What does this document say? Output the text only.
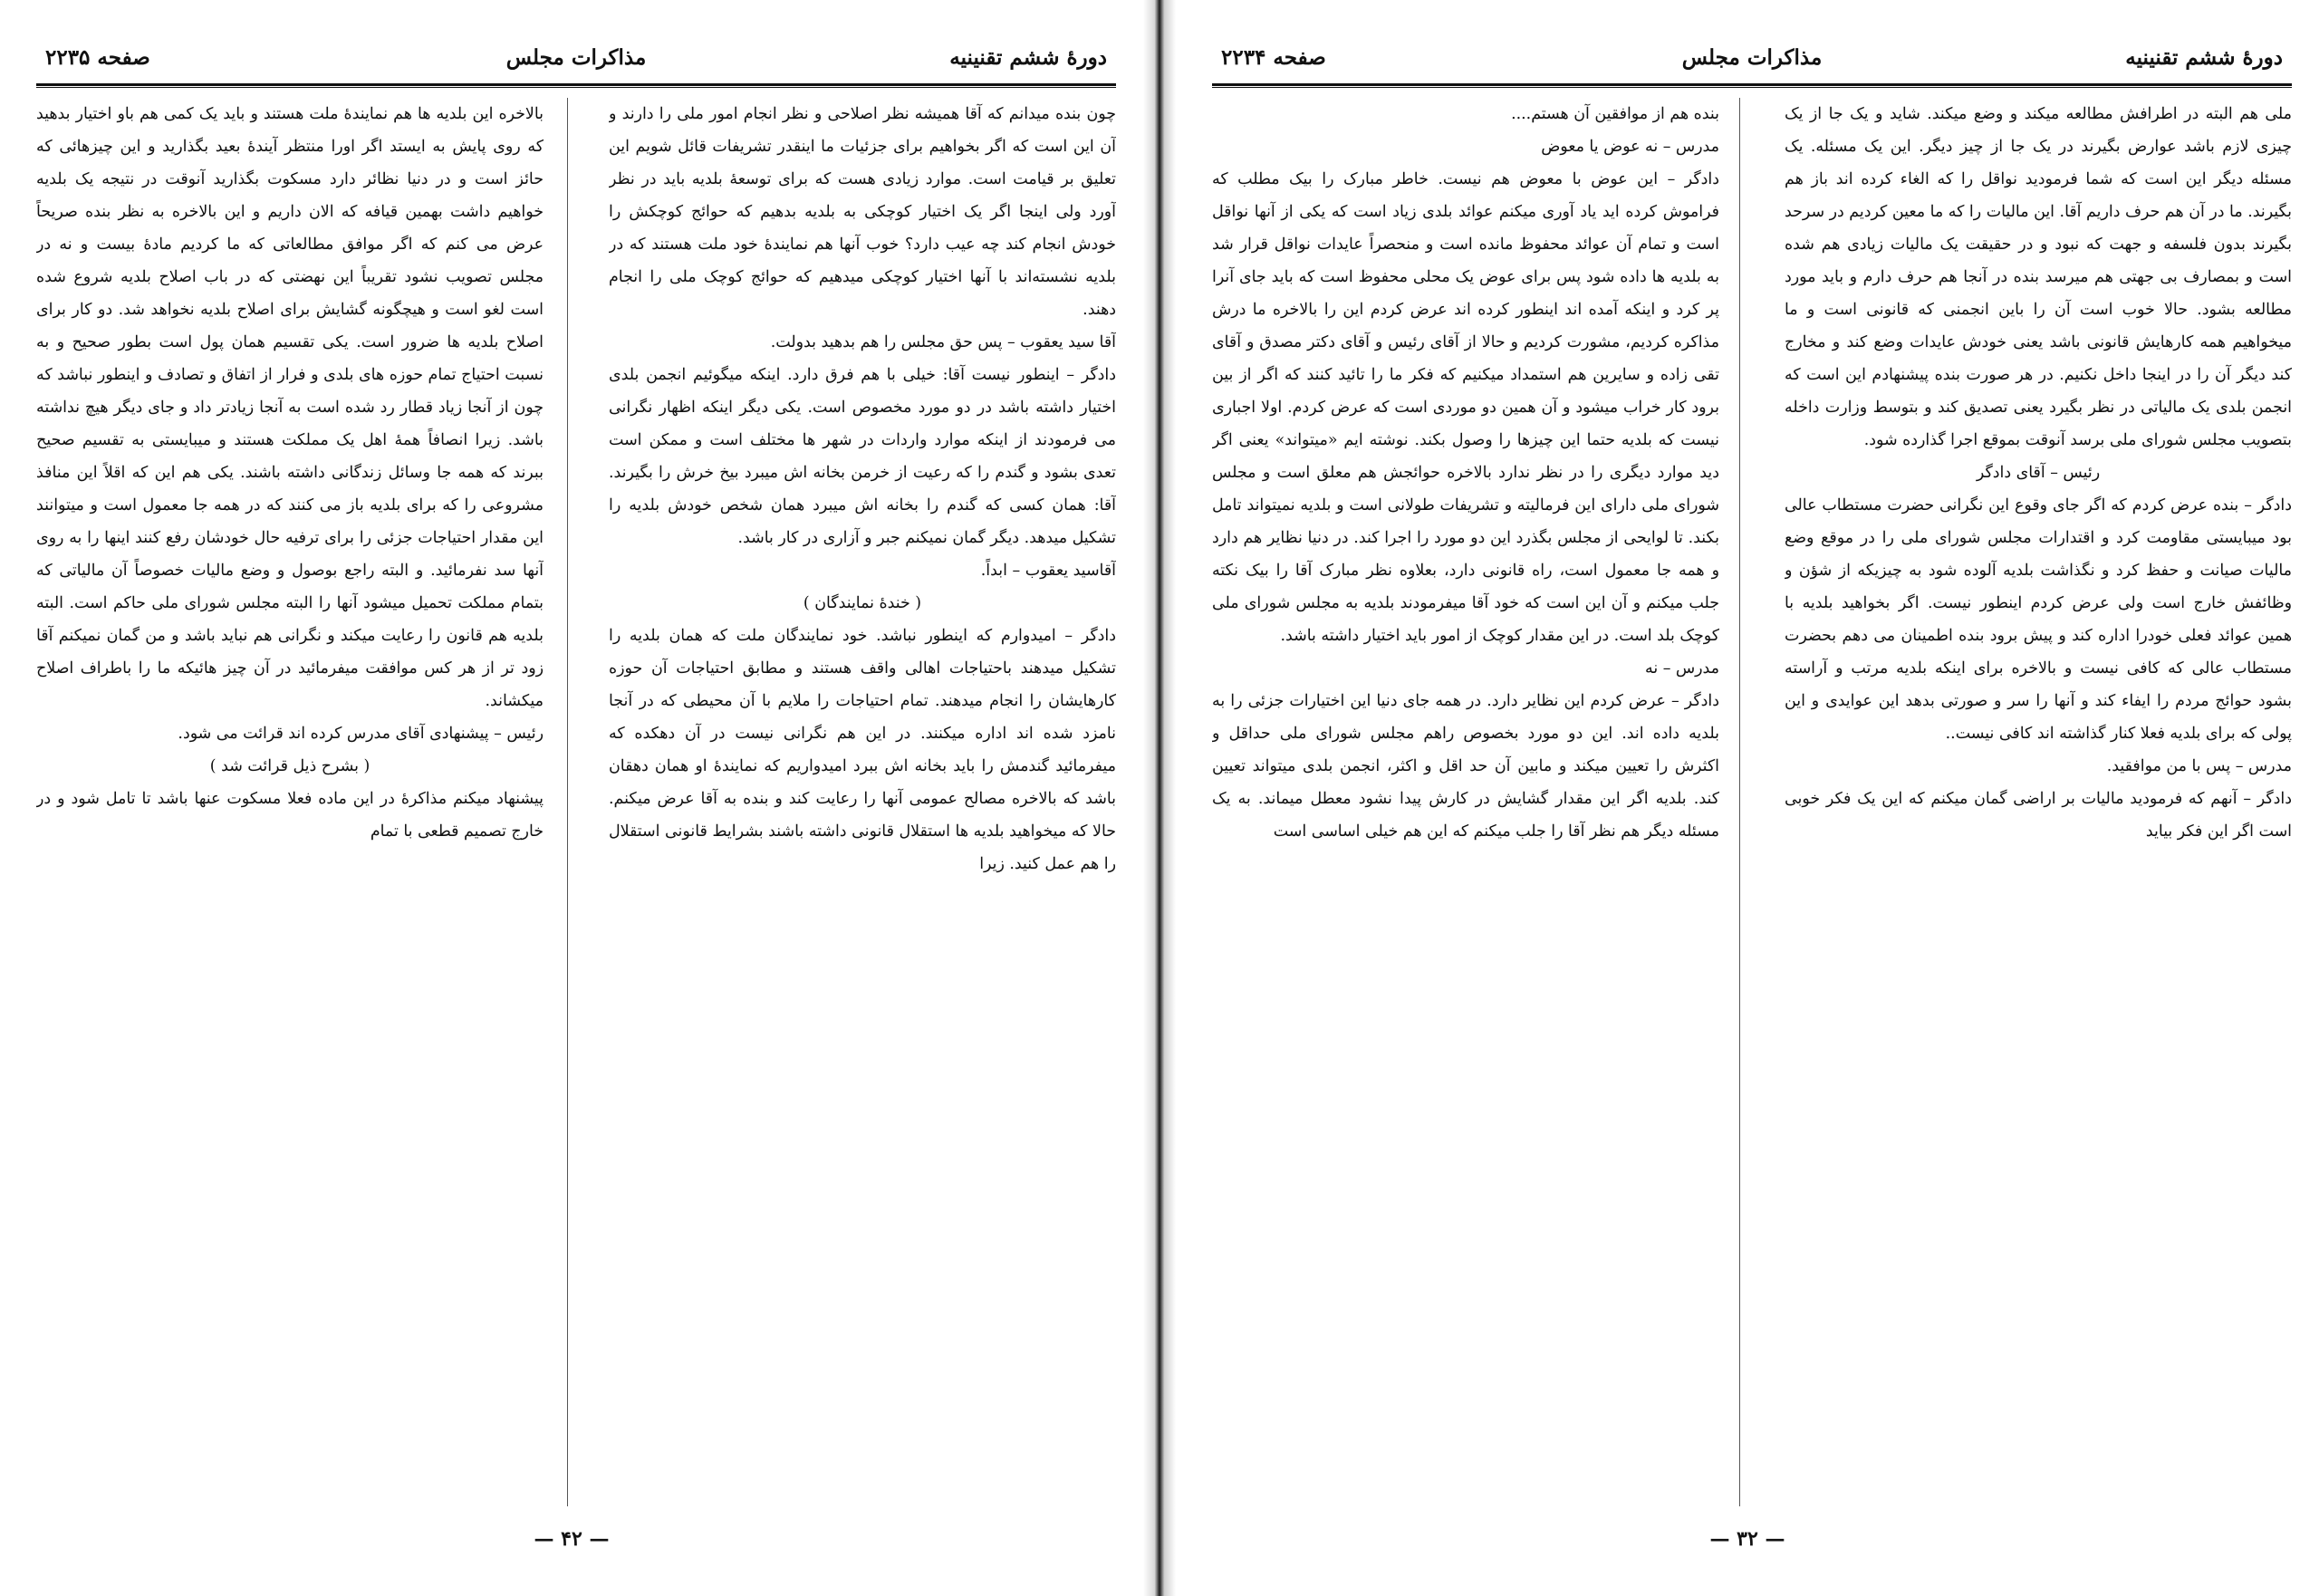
دورهٔ ششم تقنینیه
مذاکرات مجلس
صفحه ۲۲۳۵

چون بنده میدانم که آقا همیشه نظر اصلاحی و نظر انجام امور ملی را دارند و آن این است که اگر بخواهیم برای جزئیات ما اینقدر تشریفات قائل شویم این تعلیق بر قیامت است. موارد زیادی هست که برای توسعهٔ بلدیه باید در نظر آورد ولی اینجا اگر یک اختیار کوچکی به بلدیه بدهیم که حوائج کوچکش را خودش انجام کند چه عیب دارد؟ خوب آنها هم نمایندهٔ خود ملت هستند که در بلدیه نشسته‌اند با آنها اختیار کوچکی میدهیم که حوائج کوچک ملی را انجام دهند.

آقا سید یعقوب – پس حق مجلس را هم بدهید بدولت.

دادگر – اینطور نیست آقا: خیلی با هم فرق دارد. اینکه میگوئیم انجمن بلدی اختیار داشته باشد در دو مورد مخصوص است. یکی دیگر اینکه اظهار نگرانی می فرمودند از اینکه موارد واردات در شهر ها مختلف است و ممکن است تعدی بشود و گندم را که رعیت از خرمن بخانه اش میبرد بیخ خرش را بگیرند. آقا: همان کسی که گندم را بخانه اش میبرد همان شخص خودش بلدیه را تشکیل میدهد. دیگر گمان نمیکنم جبر و آزاری در کار باشد.

آقاسید یعقوب – ابداً.

( خندهٔ نمایندگان )

دادگر – امیدوارم که اینطور نباشد. خود نمایندگان ملت که همان بلدیه را تشکیل میدهند باحتیاجات اهالی واقف هستند و مطابق احتیاجات آن حوزه کارهایشان را انجام میدهند. تمام احتیاجات را ملایم با آن محیطی که در آنجا نامزد شده اند اداره میکنند. در این هم نگرانی نیست در آن دهکده که میفرمائید گندمش را باید بخانه اش ببرد امیدواریم که نمایندهٔ او همان دهقان باشد که بالاخره مصالح عمومی آنها را رعایت کند و بنده به آقا عرض میکنم. حالا که میخواهید بلدیه ها استقلال قانونی داشته باشند بشرایط قانونی استقلال را هم عمل کنید. زیرا

بالاخره این بلدیه ها هم نمایندهٔ ملت هستند و باید یک کمی هم باو اختیار بدهید که روی پایش به ایستد اگر اورا منتظر آیندهٔ بعید بگذارید و این چیزهائی که حائز است و در دنیا نظائر دارد مسکوت بگذارید آنوقت در نتیجه یک بلدیه خواهیم داشت بهمین قیافه که الان داریم و این بالاخره به نظر بنده صریحاً عرض می کنم که اگر موافق مطالعاتی که ما کردیم مادهٔ بیست و نه در مجلس تصویب نشود تقریباً این نهضتی که در باب اصلاح بلدیه شروع شده است لغو است و هیچگونه گشایش برای اصلاح بلدیه نخواهد شد. دو کار برای اصلاح بلدیه ها ضرور است. یکی تقسیم همان پول است بطور صحیح و به نسبت احتیاج تمام حوزه های بلدی و فرار از اتفاق و تصادف و اینطور نباشد که چون از آنجا زیاد قطار رد شده است به آنجا زیادتر داد و جای دیگر هیچ نداشته باشد. زیرا انصافاً همهٔ اهل یک مملکت هستند و میبایستی به تقسیم صحیح ببرند که همه جا وسائل زندگانی داشته باشند. یکی هم این که اقلاً این منافذ مشروعی را که برای بلدیه باز می کنند که در همه جا معمول است و میتوانند این مقدار احتیاجات جزئی را برای ترفیه حال خودشان رفع کنند اینها را به روی آنها سد نفرمائید. و البته راجع بوصول و وضع مالیات خصوصاً آن مالیاتی که بتمام مملکت تحمیل میشود آنها را البته مجلس شورای ملی حاکم است. البته بلدیه هم قانون را رعایت میکند و نگرانی هم نباید باشد و من گمان نمیکنم آقا زود تر از هر کس موافقت میفرمائید در آن چیز هائیکه ما را باطراف اصلاح میکشاند.

رئیس – پیشنهادی آقای مدرس کرده اند قرائت می شود.

( بشرح ذیل قرائت شد )

پیشنهاد میکنم مذاکرهٔ در این ماده فعلا مسکوت عنها باشد تا تامل شود و در خارج تصمیم قطعی با تمام

— ۴۲ —
دورهٔ ششم تقنینیه
مذاکرات مجلس
صفحه ۲۲۳۴

ملی هم البته در اطرافش مطالعه میکند و وضع میکند. شاید و یک جا از یک چیزی لازم باشد عوارض بگیرند در یک جا از چیز دیگر. این یک مسئله. یک مسئله دیگر این است که شما فرمودید نواقل را که الغاء کرده اند باز هم بگیرند. ما در آن هم حرف داریم آقا. این مالیات را که ما معین کردیم در سرحد بگیرند بدون فلسفه و جهت که نبود و در حقیقت یک مالیات زیادی هم شده است و بمصارف بی جهتی هم میرسد بنده در آنجا هم حرف دارم و باید مورد مطالعه بشود. حالا خوب است آن را باین انجمنی که قانونی است و ما میخواهیم همه کارهایش قانونی باشد یعنی خودش عایدات وضع کند و مخارج کند دیگر آن را در اینجا داخل نکنیم. در هر صورت بنده پیشنهادم این است که انجمن بلدی یک مالیاتی در نظر بگیرد یعنی تصدیق کند و بتوسط وزارت داخله بتصویب مجلس شورای ملی برسد آنوقت بموقع اجرا گذارده شود.

رئیس – آقای دادگر

دادگر – بنده عرض کردم که اگر جای وقوع این نگرانی حضرت مستطاب عالی بود میبایستی مقاومت کرد و اقتدارات مجلس شورای ملی را در موقع وضع مالیات صیانت و حفظ کرد و نگذاشت بلدیه آلوده شود به چیزیکه از شؤن و وظائفش خارج است ولی عرض کردم اینطور نیست. اگر بخواهید بلدیه با همین عوائد فعلی خودرا اداره کند و پیش برود بنده اطمینان می دهم بحضرت مستطاب عالی که کافی نیست و بالاخره برای اینکه بلدیه مرتب و آراسته بشود حوائج مردم را ایفاء کند و آنها را سر و صورتی بدهد این عوایدی و این پولی که برای بلدیه فعلا کنار گذاشته اند کافی نیست..

مدرس – پس با من موافقید.

دادگر – آنهم که فرمودید مالیات بر اراضی گمان میکنم که این یک فکر خوبی است اگر این فکر بیاید

بنده هم از موافقین آن هستم....

مدرس – نه عوض یا معوض

دادگر – این عوض با معوض هم نیست. خاطر مبارک را بیک مطلب که فراموش کرده اید یاد آوری میکنم عوائد بلدی زیاد است که یکی از آنها نواقل است و تمام آن عوائد محفوظ مانده است و منحصراً عایدات نواقل قرار شد به بلدیه ها داده شود پس برای عوض یک محلی محفوظ است که باید جای آنرا پر کرد و اینکه آمده اند اینطور کرده اند عرض کردم این را بالاخره ما درش مذاکره کردیم، مشورت کردیم و حالا از آقای رئیس و آقای دکتر مصدق و آقای تقی زاده و سایرین هم استمداد میکنیم که فکر ما را تائید کنند که اگر از بین برود کار خراب میشود و آن همین دو موردی است که عرض کردم. اولا اجباری نیست که بلدیه حتما این چیزها را وصول بکند. نوشته ایم «میتواند» یعنی اگر دید موارد دیگری را در نظر ندارد بالاخره حوائجش هم معلق است و مجلس شورای ملی دارای این فرمالیته و تشریفات طولانی است و بلدیه نمیتواند تامل بکند. تا لوایحی از مجلس بگذرد این دو مورد را اجرا کند. در دنیا نظایر هم دارد و همه جا معمول است، راه قانونی دارد، بعلاوه نظر مبارک آقا را بیک نکته جلب میکنم و آن این است که خود آقا میفرمودند بلدیه به مجلس شورای ملی کوچک بلد است. در این مقدار کوچک از امور باید اختیار داشته باشد.

مدرس – نه

دادگر – عرض کردم این نظایر دارد. در همه جای دنیا این اختیارات جزئی را به بلدیه داده اند. این دو مورد بخصوص راهم مجلس شورای ملی حداقل و اکثرش را تعیین میکند و مابین آن حد اقل و اکثر، انجمن بلدی میتواند تعیین کند. بلدیه اگر این مقدار گشایش در کارش پیدا نشود معطل میماند. به یک مسئله دیگر هم نظر آقا را جلب میکنم که این هم خیلی اساسی است

— ۳۲ —
